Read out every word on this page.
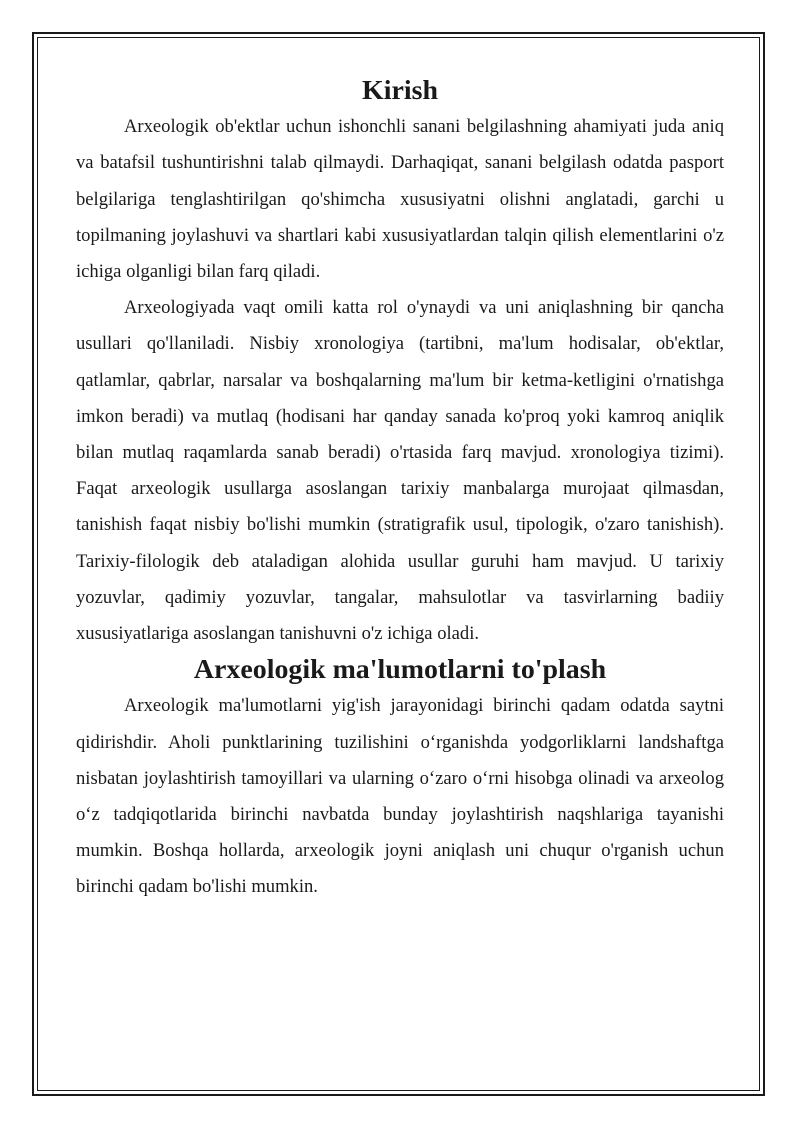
Kirish

Arxeologik ob'ektlar uchun ishonchli sanani belgilashning ahamiyati juda aniq va batafsil tushuntirishni talab qilmaydi. Darhaqiqat, sanani belgilash odatda pasport belgilariga tenglashtirilgan qo'shimcha xususiyatni olishni anglatadi, garchi u topilmaning joylashuvi va shartlari kabi xususiyatlardan talqin qilish elementlarini o'z ichiga olganligi bilan farq qiladi.

Arxeologiyada vaqt omili katta rol o'ynaydi va uni aniqlashning bir qancha usullari qo'llaniladi. Nisbiy xronologiya (tartibni, ma'lum hodisalar, ob'ektlar, qatlamlar, qabrlar, narsalar va boshqalarning ma'lum bir ketma-ketligini o'rnatishga imkon beradi) va mutlaq (hodisani har qanday sanada ko'proq yoki kamroq aniqlik bilan mutlaq raqamlarda sanab beradi) o'rtasida farq mavjud. xronologiya tizimi). Faqat arxeologik usullarga asoslangan tarixiy manbalarga murojaat qilmasdan, tanishish faqat nisbiy bo'lishi mumkin (stratigrafik usul, tipologik, o'zaro tanishish). Tarixiy-filologik deb ataladigan alohida usullar guruhi ham mavjud. U tarixiy yozuvlar, qadimiy yozuvlar, tangalar, mahsulotlar va tasvirlarning badiiy xususiyatlariga asoslangan tanishuvni o'z ichiga oladi.

Arxeologik ma'lumotlarni to'plash

Arxeologik ma'lumotlarni yig'ish jarayonidagi birinchi qadam odatda saytni qidirishdir. Aholi punktlarining tuzilishini o‘rganishda yodgorliklarni landshaftga nisbatan joylashtirish tamoyillari va ularning o‘zaro o‘rni hisobga olinadi va arxeolog o‘z tadqiqotlarida birinchi navbatda bunday joylashtirish naqshlariga tayanishi mumkin. Boshqa hollarda, arxeologik joyni aniqlash uni chuqur o'rganish uchun birinchi qadam bo'lishi mumkin.
